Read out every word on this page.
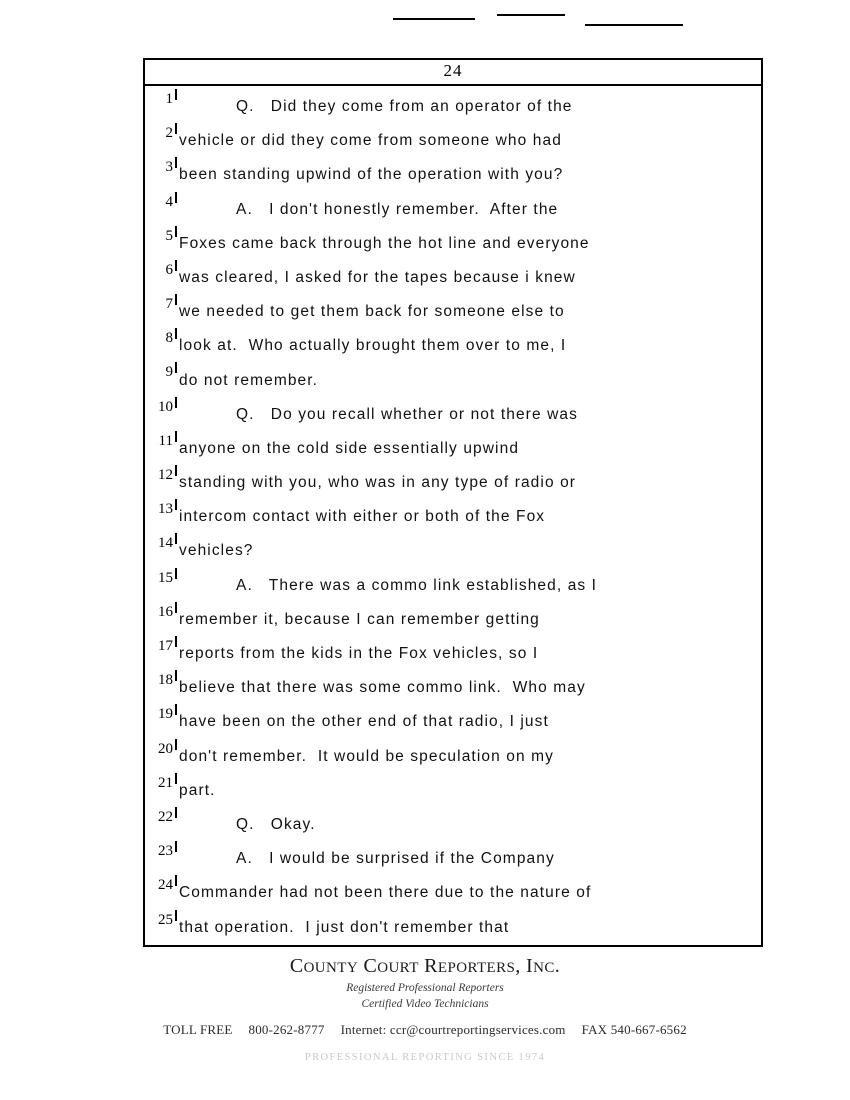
24
1
2
3
4
5
6
7
8
9
10
11
12
13
14
15
16
17
18
19
20
21
22
23
24
25
Q.   Did they come from an operator of the
vehicle or did they come from someone who had
been standing upwind of the operation with you?
A.   I don't honestly remember.  After the
Foxes came back through the hot line and everyone
was cleared, I asked for the tapes because i knew
we needed to get them back for someone else to
look at.  Who actually brought them over to me, I
do not remember.
Q.   Do you recall whether or not there was
anyone on the cold side essentially upwind
standing with you, who was in any type of radio or
intercom contact with either or both of the Fox
vehicles?
A.   There was a commo link established, as I
remember it, because I can remember getting
reports from the kids in the Fox vehicles, so I
believe that there was some commo link.  Who may
have been on the other end of that radio, I just
don't remember.  It would be speculation on my
part.
Q.   Okay.
A.   I would be surprised if the Company
Commander had not been there due to the nature of
that operation.  I just don't remember that
COUNTY COURT REPORTERS, INC.
Registered Professional Reporters
Certified Video Technicians
TOLL FREE 800-262-8777 Internet: ccr@courtreportingservices.com FAX 540-667-6562
PROFESSIONAL REPORTING SINCE 1974
